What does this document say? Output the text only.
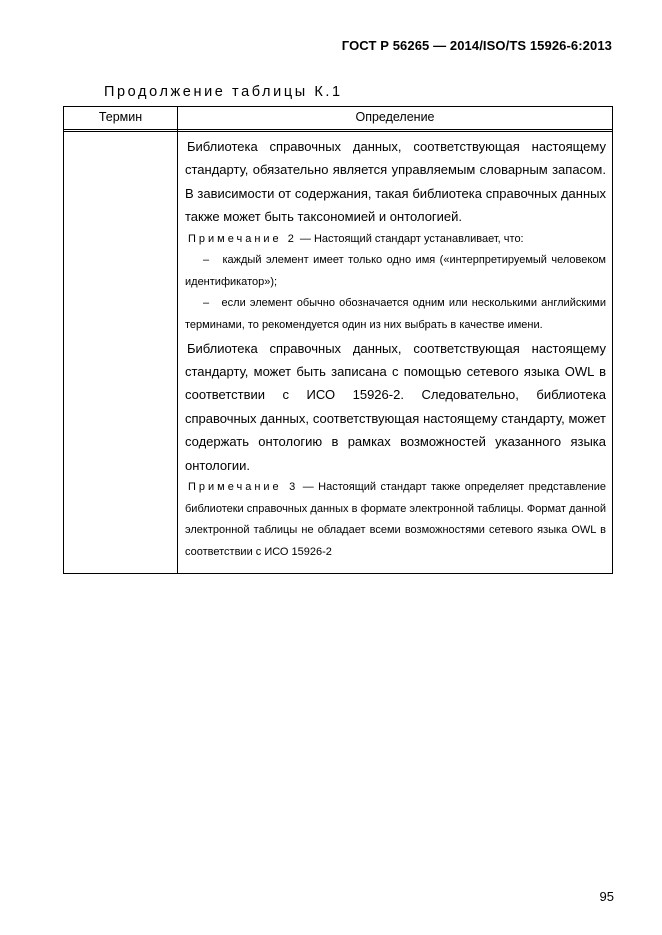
ГОСТ Р 56265 — 2014/ISO/TS 15926-6:2013
Продолжение таблицы К.1
Термин	Определение

Библиотека справочных данных, соответствующая настоящему стандарту, обязательно является управляемым словарным запасом. В зависимости от содержания, такая библиотека справочных данных также может быть таксономией и онтологией.

Примечание 2 — Настоящий стандарт устанавливает, что:

–   каждый элемент имеет только одно имя («интерпретируемый человеком идентификатор»);

–   если элемент обычно обозначается одним или несколькими английскими терминами, то рекомендуется один из них выбрать в качестве имени.

Библиотека справочных данных, соответствующая настоящему стандарту, может быть записана с помощью сетевого языка OWL в соответствии с ИСО 15926-2. Следовательно, библиотека справочных данных, соответствующая настоящему стандарту, может содержать онтологию в рамках возможностей указанного языка онтологии.

Примечание 3 — Настоящий стандарт также определяет представление библиотеки справочных данных в формате электронной таблицы. Формат данной электронной таблицы не обладает всеми возможностями сетевого языка OWL в соответствии с ИСО 15926-2

95
